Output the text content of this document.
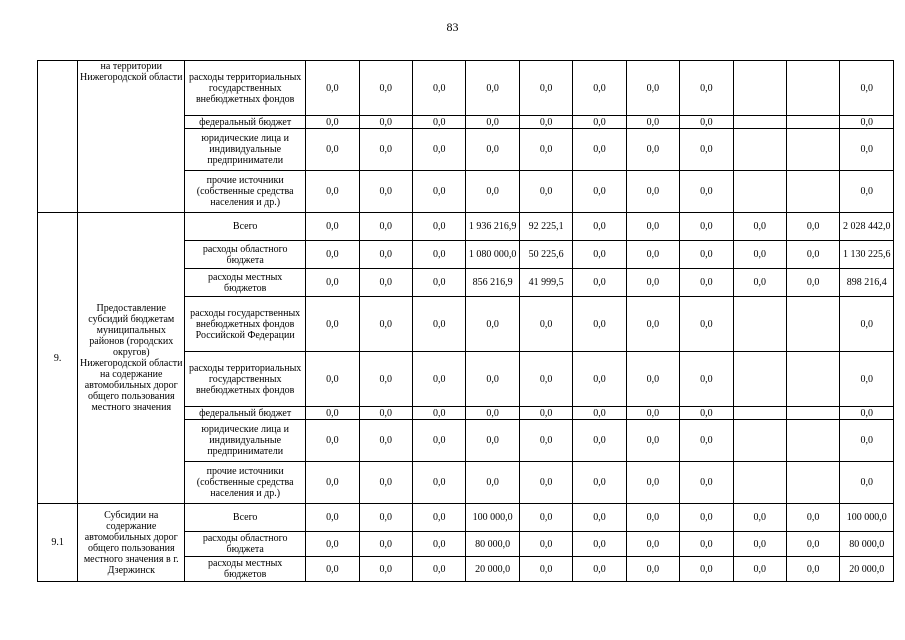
83
	на территории Нижегородской области	расходы территориальных государственных внебюджетных фондов	0,0	0,0	0,0	0,0	0,0	0,0	0,0	0,0			0,0
		федеральный бюджет	0,0	0,0	0,0	0,0	0,0	0,0	0,0	0,0			0,0
		юридические лица и индивидуальные предприниматели	0,0	0,0	0,0	0,0	0,0	0,0	0,0	0,0			0,0
		прочие источники (собственные средства населения и др.)	0,0	0,0	0,0	0,0	0,0	0,0	0,0	0,0			0,0
9.	Предоставление субсидий бюджетам муниципальных районов (городских округов) Нижегородской области на содержание автомобильных дорог общего пользования местного значения	Всего	0,0	0,0	0,0	1 936 216,9	92 225,1	0,0	0,0	0,0	0,0	0,0	2 028 442,0
		расходы областного бюджета	0,0	0,0	0,0	1 080 000,0	50 225,6	0,0	0,0	0,0	0,0	0,0	1 130 225,6
		расходы местных бюджетов	0,0	0,0	0,0	856 216,9	41 999,5	0,0	0,0	0,0	0,0	0,0	898 216,4
		расходы государственных внебюджетных фондов Российской Федерации	0,0	0,0	0,0	0,0	0,0	0,0	0,0	0,0			0,0
		расходы территориальных государственных внебюджетных фондов	0,0	0,0	0,0	0,0	0,0	0,0	0,0	0,0			0,0
		федеральный бюджет	0,0	0,0	0,0	0,0	0,0	0,0	0,0	0,0			0,0
		юридические лица и индивидуальные предприниматели	0,0	0,0	0,0	0,0	0,0	0,0	0,0	0,0			0,0
		прочие источники (собственные средства населения и др.)	0,0	0,0	0,0	0,0	0,0	0,0	0,0	0,0			0,0
9.1	Субсидии на содержание автомобильных дорог общего пользования местного значения в г. Дзержинск	Всего	0,0	0,0	0,0	100 000,0	0,0	0,0	0,0	0,0	0,0	0,0	100 000,0
		расходы областного бюджета	0,0	0,0	0,0	80 000,0	0,0	0,0	0,0	0,0	0,0	0,0	80 000,0
		расходы местных бюджетов	0,0	0,0	0,0	20 000,0	0,0	0,0	0,0	0,0	0,0	0,0	20 000,0
